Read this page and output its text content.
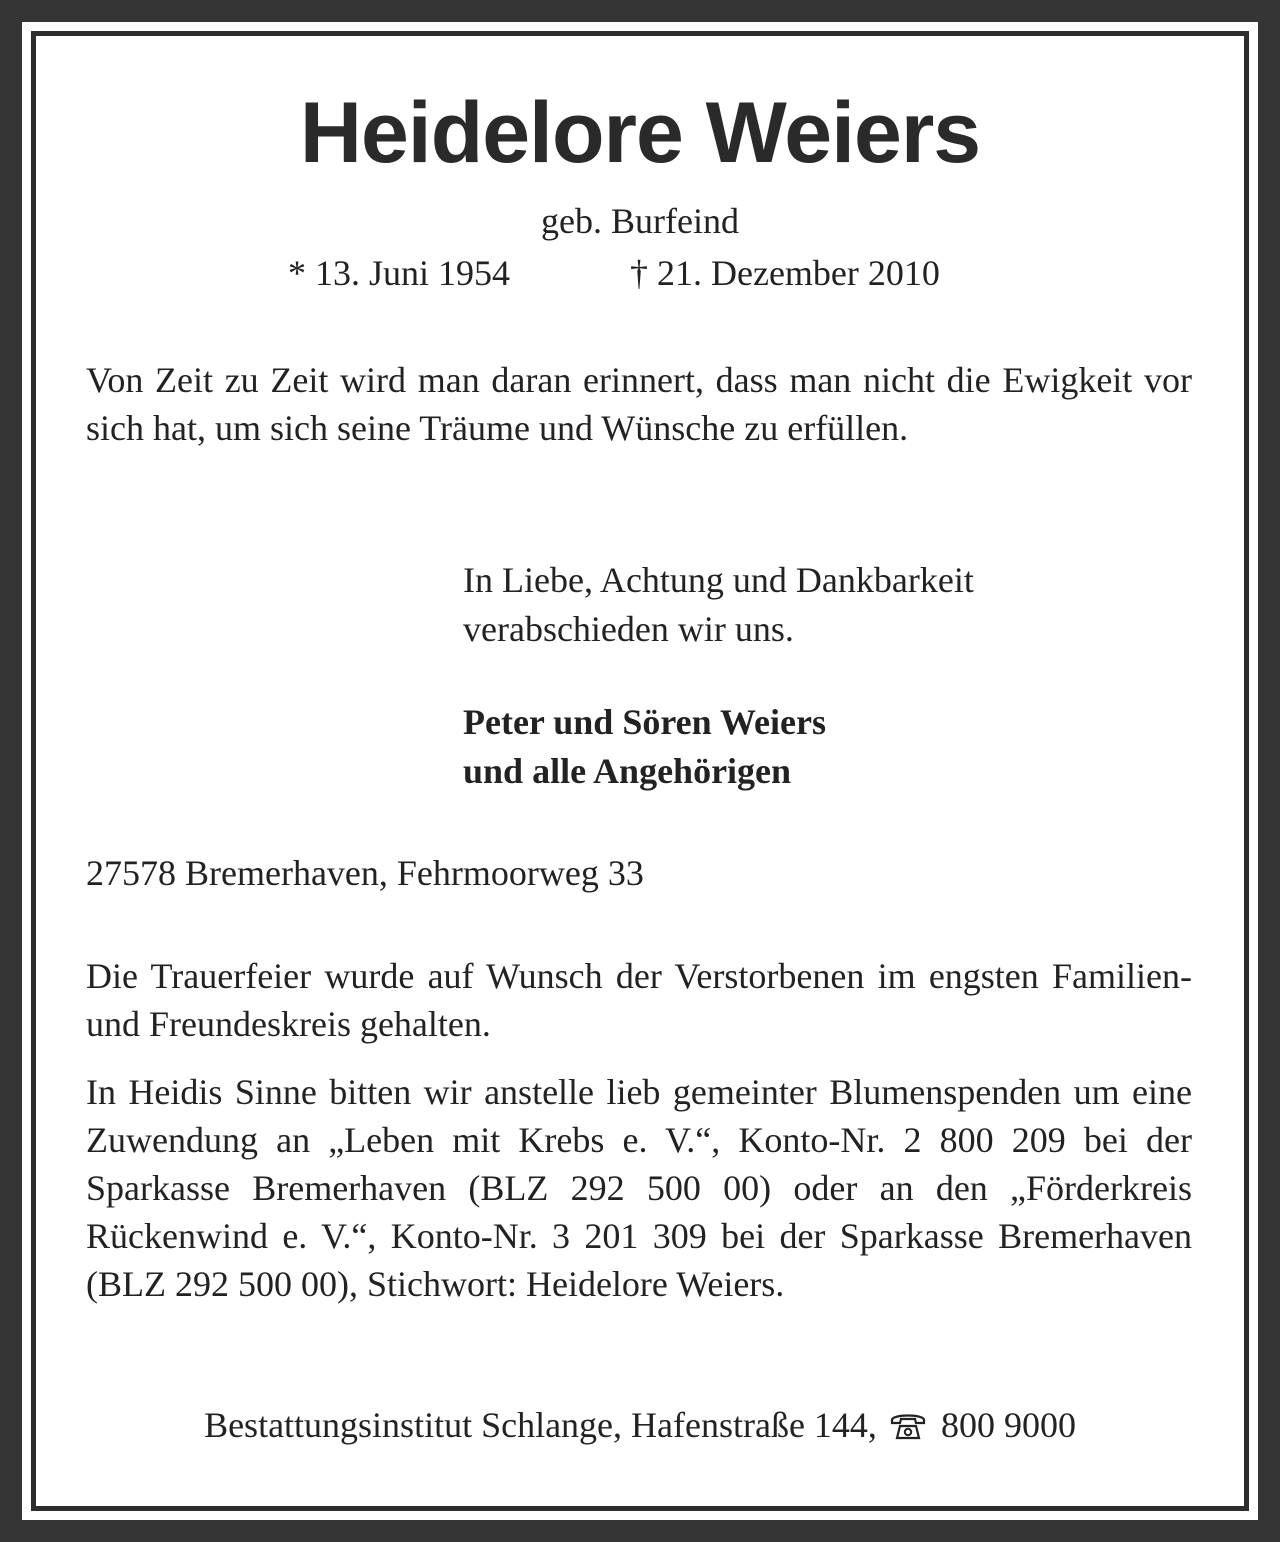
Heidelore Weiers
geb. Burfeind
* 13. Juni 1954	† 21. Dezember 2010

Von Zeit zu Zeit wird man daran erinnert, dass man nicht die Ewigkeit vor sich hat, um sich seine Träume und Wünsche zu erfüllen.

In Liebe, Achtung und Dankbarkeit
verabschieden wir uns.
Peter und Sören Weiers
und alle Angehörigen
27578 Bremerhaven, Fehrmoorweg 33

Die Trauerfeier wurde auf Wunsch der Verstorbenen im engsten Familien- und Freundeskreis gehalten.

In Heidis Sinne bitten wir anstelle lieb gemeinter Blumenspenden um eine Zuwendung an „Leben mit Krebs e. V.“, Konto-Nr. 2 800 209 bei der Sparkasse Bremerhaven (BLZ 292 500 00) oder an den „Förderkreis Rückenwind e. V.“, Konto-Nr. 3 201 309 bei der Sparkasse Bremerhaven (BLZ 292 500 00), Stichwort: Heidelore Weiers.

Bestattungsinstitut Schlange, Hafenstraße 144, 800 9000
